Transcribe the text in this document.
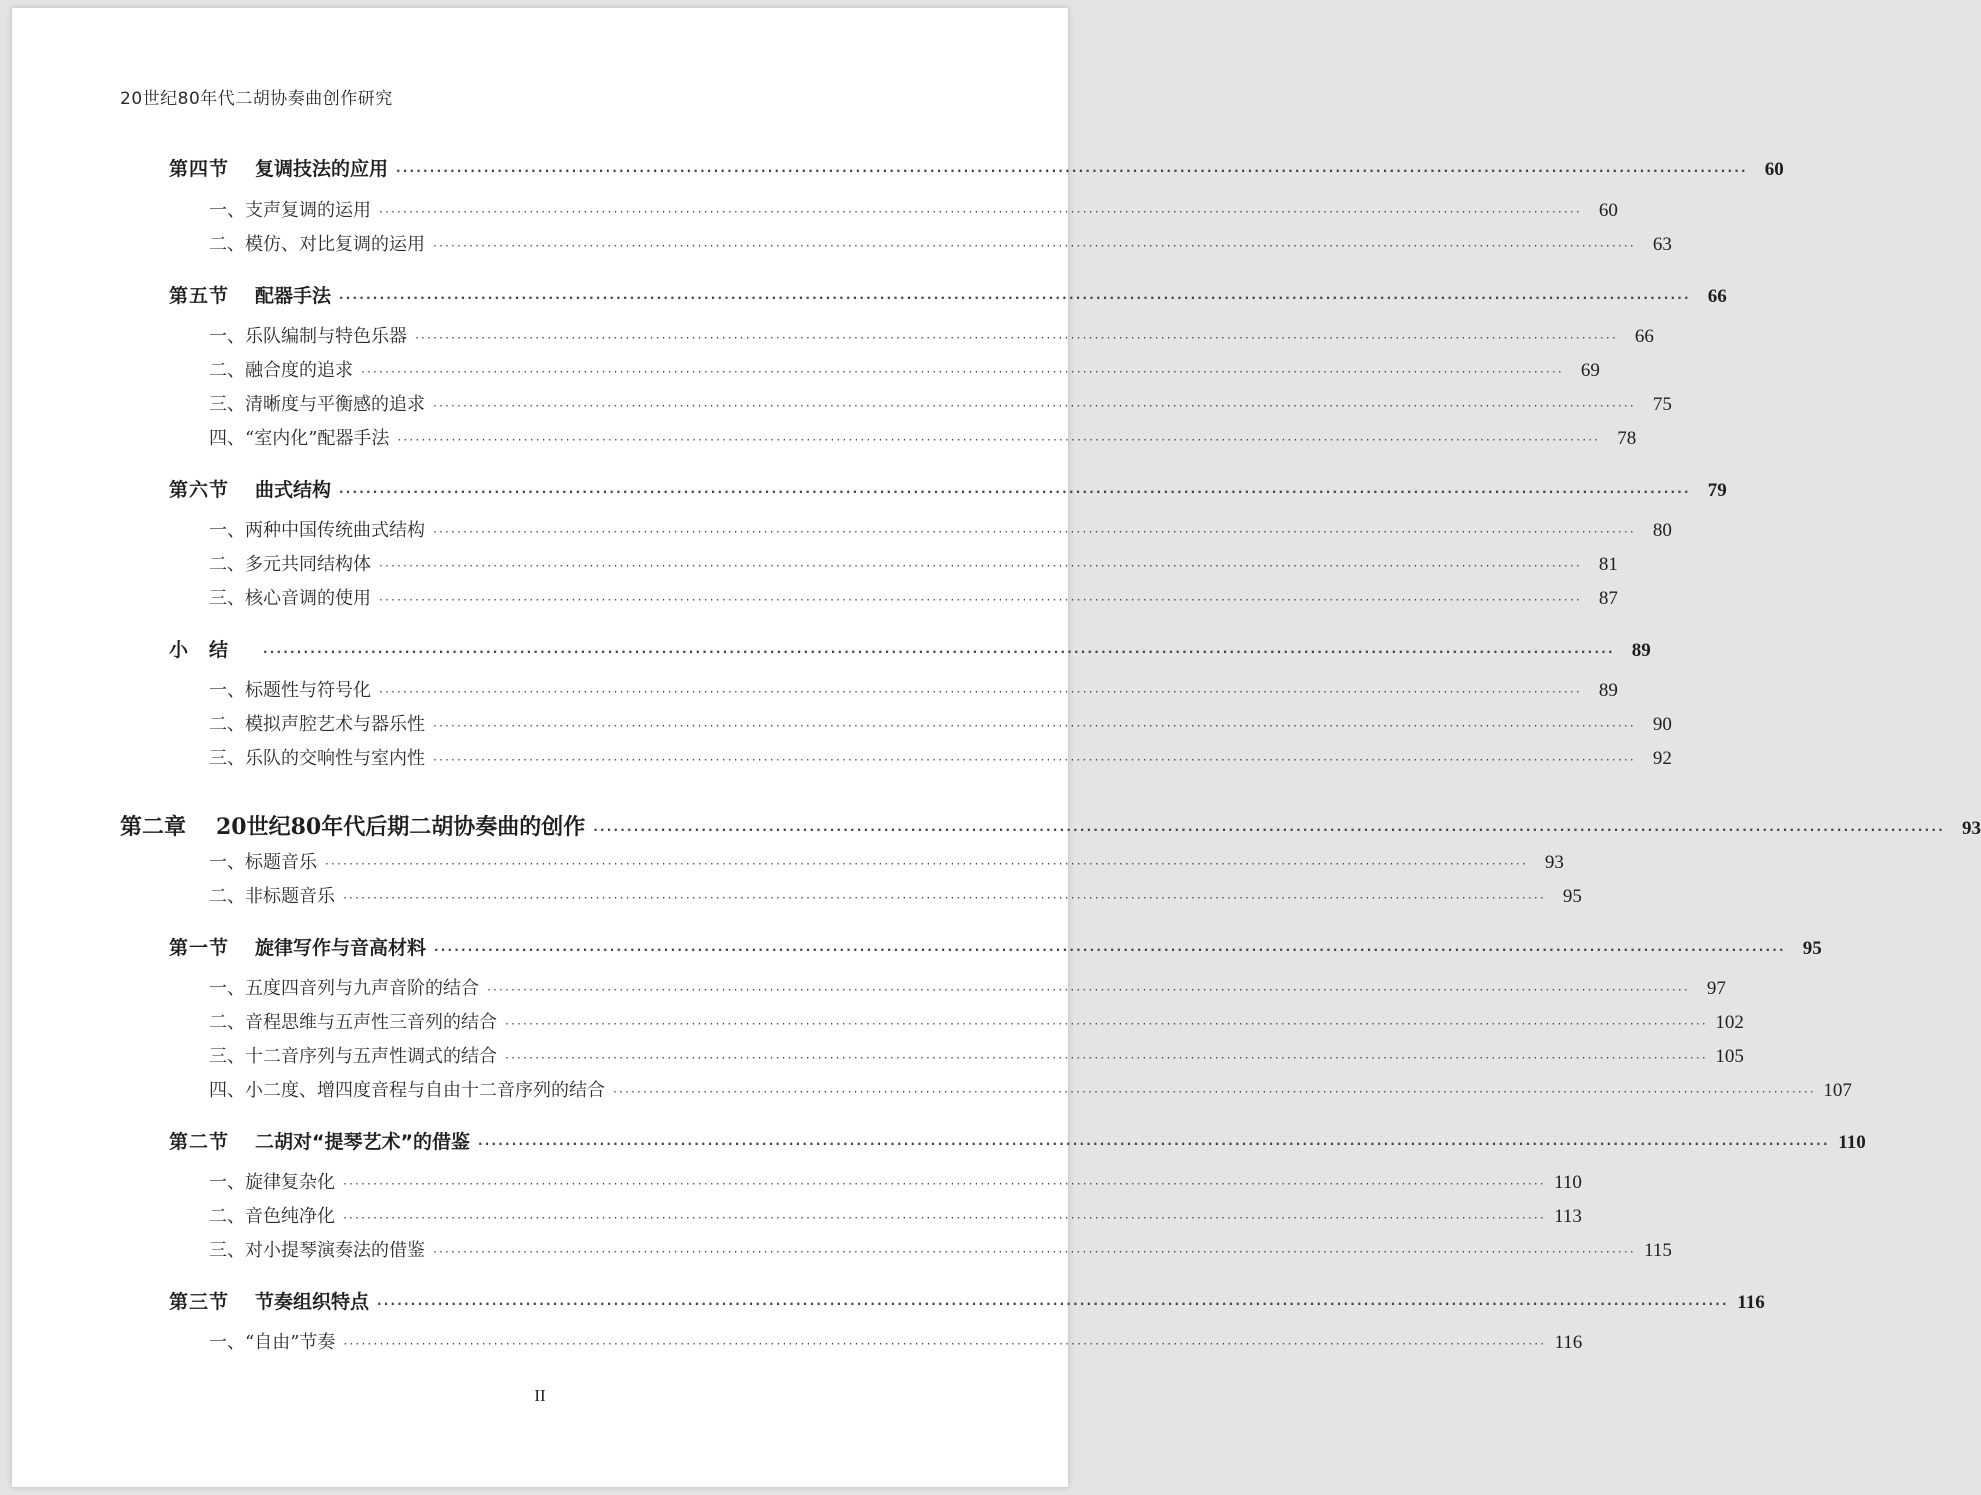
20世纪80年代二胡协奏曲创作研究
第四节	复调技法的应用 ········································································································································································································ 60
一、支声复调的运用 ········································································································································································································ 60
二、模仿、对比复调的运用 ········································································································································································································ 63
第五节	配器手法 ········································································································································································································ 66
一、乐队编制与特色乐器 ········································································································································································································ 66
二、融合度的追求 ········································································································································································································ 69
三、清晰度与平衡感的追求 ········································································································································································································ 75
四、“室内化”配器手法 ········································································································································································································ 78
第六节	曲式结构 ········································································································································································································ 79
一、两种中国传统曲式结构 ········································································································································································································ 80
二、多元共同结构体 ········································································································································································································ 81
三、核心音调的使用 ········································································································································································································ 87
小　结	········································································································································································································ 89
一、标题性与符号化 ········································································································································································································ 89
二、模拟声腔艺术与器乐性 ········································································································································································································ 90
三、乐队的交响性与室内性 ········································································································································································································ 92
第二章	20世纪80年代后期二胡协奏曲的创作 ········································································································································································································ 93
一、标题音乐 ········································································································································································································ 93
二、非标题音乐 ········································································································································································································ 95
第一节	旋律写作与音高材料 ········································································································································································································ 95
一、五度四音列与九声音阶的结合 ········································································································································································································ 97
二、音程思维与五声性三音列的结合 ········································································································································································································ 102
三、十二音序列与五声性调式的结合 ········································································································································································································ 105
四、小二度、增四度音程与自由十二音序列的结合 ········································································································································································································ 107
第二节	二胡对“提琴艺术”的借鉴 ········································································································································································································ 110
一、旋律复杂化 ········································································································································································································ 110
二、音色纯净化 ········································································································································································································ 113
三、对小提琴演奏法的借鉴 ········································································································································································································ 115
第三节	节奏组织特点 ········································································································································································································ 116
一、“自由”节奏 ········································································································································································································ 116
II
